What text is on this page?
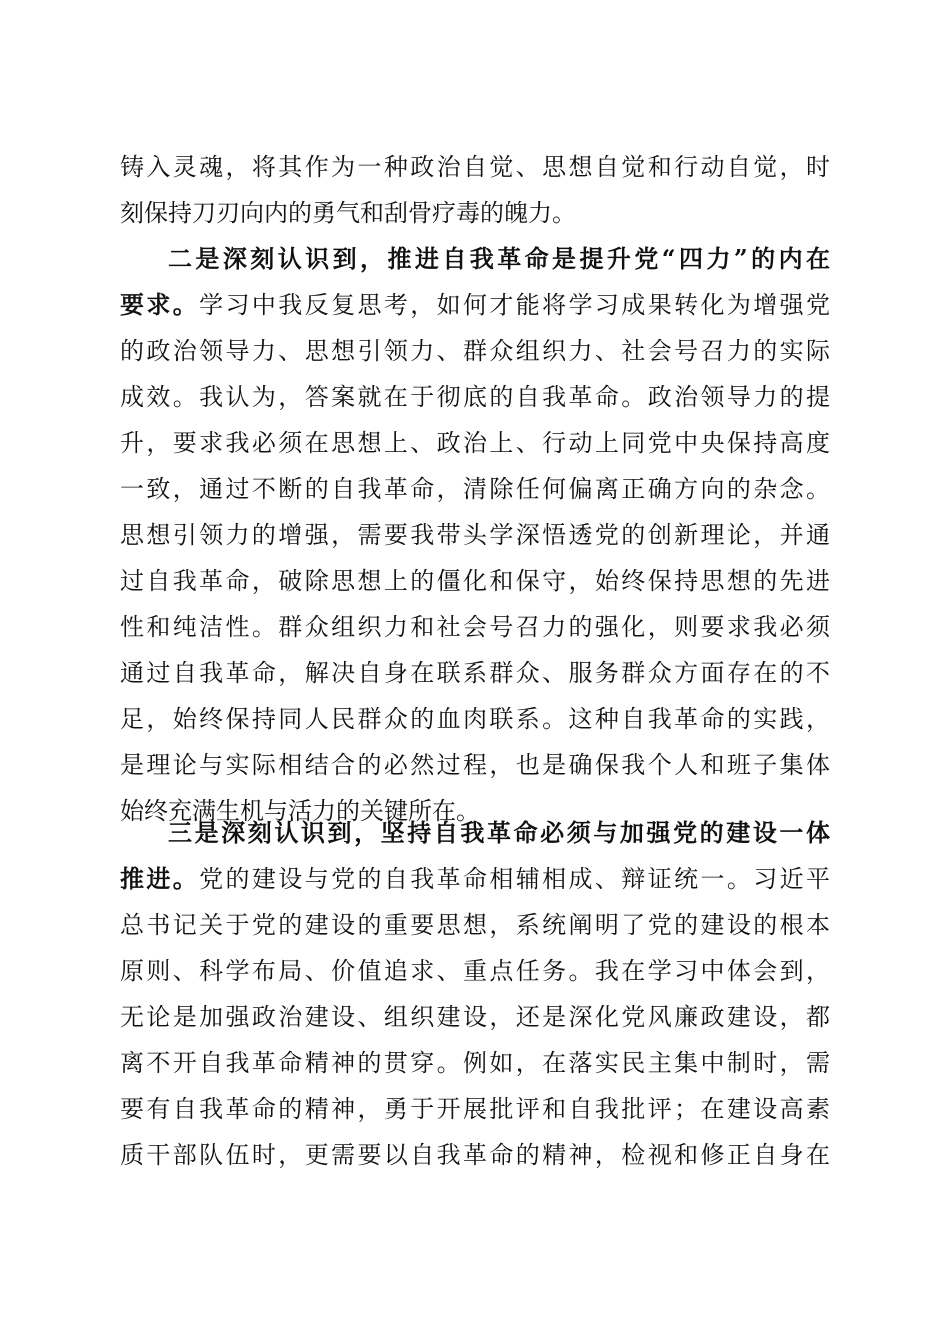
铸入灵魂，将其作为一种政治自觉、思想自觉和行动自觉，时
刻保持刀刃向内的勇气和刮骨疗毒的魄力。
二是深刻认识到，推进自我革命是提升党“四力”的内在
要求。学习中我反复思考，如何才能将学习成果转化为增强党
的政治领导力、思想引领力、群众组织力、社会号召力的实际
成效。我认为，答案就在于彻底的自我革命。政治领导力的提
升，要求我必须在思想上、政治上、行动上同党中央保持高度
一致，通过不断的自我革命，清除任何偏离正确方向的杂念。
思想引领力的增强，需要我带头学深悟透党的创新理论，并通
过自我革命，破除思想上的僵化和保守，始终保持思想的先进
性和纯洁性。群众组织力和社会号召力的强化，则要求我必须
通过自我革命，解决自身在联系群众、服务群众方面存在的不
足，始终保持同人民群众的血肉联系。这种自我革命的实践，
是理论与实际相结合的必然过程，也是确保我个人和班子集体
始终充满生机与活力的关键所在。
三是深刻认识到，坚持自我革命必须与加强党的建设一体
推进。党的建设与党的自我革命相辅相成、辩证统一。习近平
总书记关于党的建设的重要思想，系统阐明了党的建设的根本
原则、科学布局、价值追求、重点任务。我在学习中体会到，
无论是加强政治建设、组织建设，还是深化党风廉政建设，都
离不开自我革命精神的贯穿。例如，在落实民主集中制时，需
要有自我革命的精神，勇于开展批评和自我批评；在建设高素
质干部队伍时，更需要以自我革命的精神，检视和修正自身在
